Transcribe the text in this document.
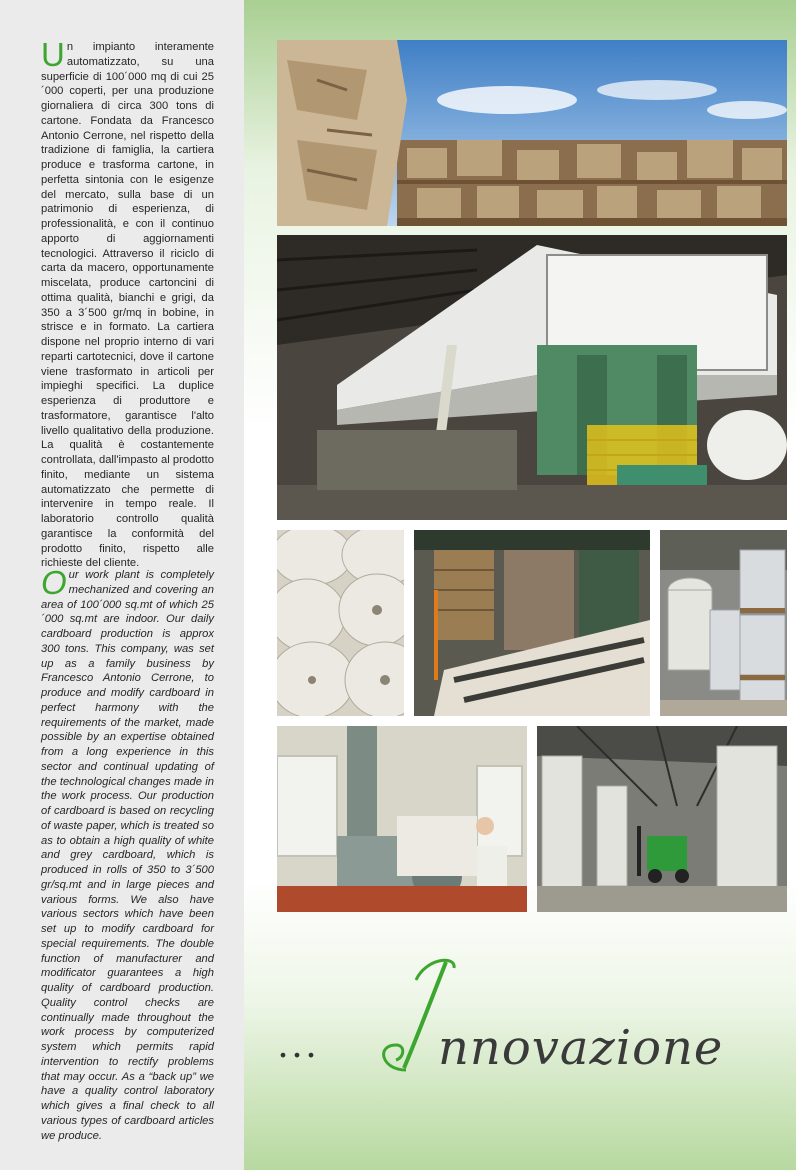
Un impianto interamente automatizzato, su una superficie di 100´000 mq di cui 25´000 coperti, per una produzione giornaliera di circa 300 tons di cartone. Fondata da Francesco Antonio Cerrone, nel rispetto della tradizione di famiglia, la cartiera produce e trasforma cartone, in perfetta sintonia con le esigenze del mercato, sulla base di un patrimonio di esperienza, di professionalità, e con il continuo apporto di aggiornamenti tecnologici. Attraverso il riciclo di carta da macero, opportunamente miscelata, produce cartoncini di ottima qualità, bianchi e grigi, da 350 a 3´500 gr/mq in bobine, in strisce e in formato. La cartiera dispone nel proprio interno di vari reparti cartotecnici, dove il cartone viene trasformato in articoli per impieghi specifici. La duplice esperienza di produttore e trasformatore, garantisce l'alto livello qualitativo della produzione. La qualità è costantemente controllata, dall'impasto al prodotto finito, mediante un sistema automatizzato che permette di intervenire in tempo reale. Il laboratorio controllo qualità garantisce la conformità del prodotto finito, rispetto alle richieste del cliente.

Our work plant is completely mechanized and covering an area of 100´000 sq.mt of which 25´000 sq.mt are indoor. Our daily cardboard production is approx 300 tons. This company, was set up as a family business by Francesco Antonio Cerrone, to produce and modify cardboard in perfect harmony with the requirements of the market, made possible by an expertise obtained from a long experience in this sector and continual updating of the technological changes made in the work process. Our production of cardboard is based on recycling of waste paper, which is treated so as to obtain a high quality of white and grey cardboard, which is produced in rolls of 350 to 3´500 gr/sq.mt and in large pieces and various forms. We also have various sectors which have been set up to modify cardboard for special requirements. The double function of manufacturer and modificator guarantees a high quality of cardboard production. Quality control checks are continually made throughout the work process by computerized system which permits rapid intervention to rectify problems that may occur. As a “back up” we have a quality control laboratory which gives a final check to all various types of cardboard articles we produce.

... nnovazione
